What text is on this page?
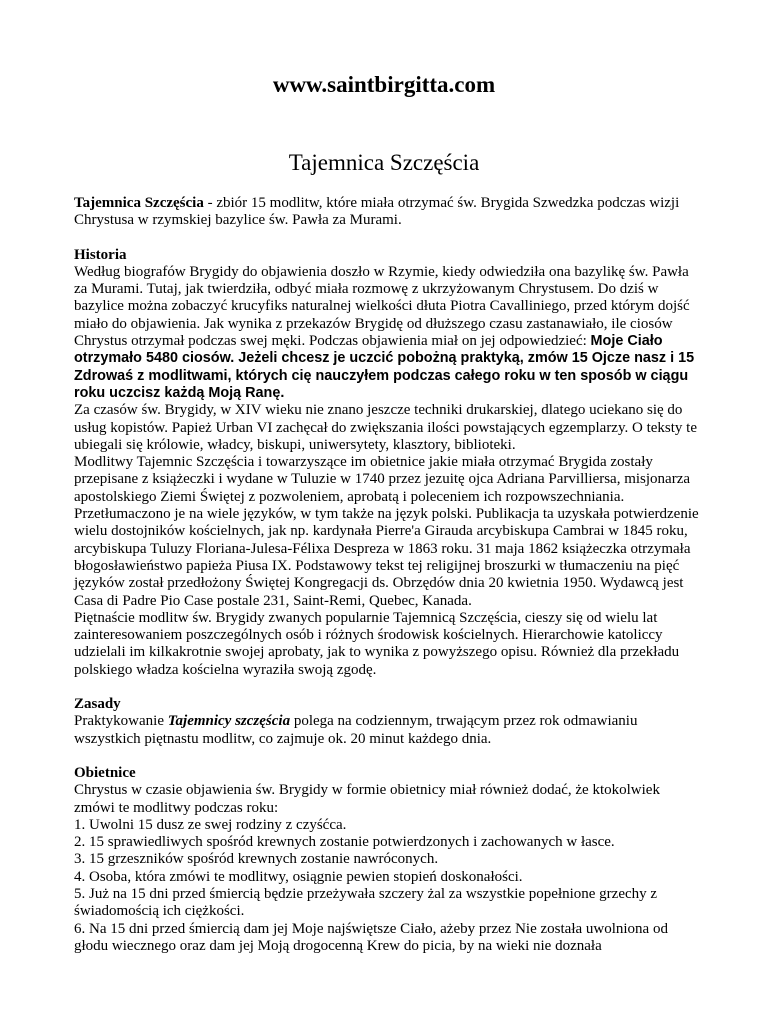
www.saintbirgitta.com
Tajemnica Szczęścia

Tajemnica Szczęścia - zbiór 15 modlitw, które miała otrzymać św. Brygida Szwedzka podczas wizji Chrystusa w rzymskiej bazylice św. Pawła za Murami.

Historia

Według biografów Brygidy do objawienia doszło w Rzymie, kiedy odwiedziła ona bazylikę św. Pawła za Murami. Tutaj, jak twierdziła, odbyć miała rozmowę z ukrzyżowanym Chrystusem. Do dziś w bazylice można zobaczyć krucyfiks naturalnej wielkości dłuta Piotra Cavalliniego, przed którym dojść miało do objawienia. Jak wynika z przekazów Brygidę od dłuższego czasu zastanawiało, ile ciosów Chrystus otrzymał podczas swej męki. Podczas objawienia miał on jej odpowiedzieć: Moje Ciało otrzymało 5480 ciosów. Jeżeli chcesz je uczcić pobożną praktyką, zmów 15 Ojcze nasz i 15 Zdrowaś z modlitwami, których cię nauczyłem podczas całego roku w ten sposób w ciągu roku uczcisz każdą Moją Ranę.

Za czasów św. Brygidy, w XIV wieku nie znano jeszcze techniki drukarskiej, dlatego uciekano się do usług kopistów. Papież Urban VI zachęcał do zwiększania ilości powstających egzemplarzy. O teksty te ubiegali się królowie, władcy, biskupi, uniwersytety, klasztory, biblioteki.

Modlitwy Tajemnic Szczęścia i towarzyszące im obietnice jakie miała otrzymać Brygida zostały przepisane z książeczki i wydane w Tuluzie w 1740 przez jezuitę ojca Adriana Parvilliersa, misjonarza apostolskiego Ziemi Świętej z pozwoleniem, aprobatą i poleceniem ich rozpowszechniania. Przetłumaczono je na wiele języków, w tym także na język polski. Publikacja ta uzyskała potwierdzenie wielu dostojników kościelnych, jak np. kardynała Pierre'a Girauda arcybiskupa Cambrai w 1845 roku, arcybiskupa Tuluzy Floriana-Julesa-Félixa Despreza w 1863 roku. 31 maja 1862 książeczka otrzymała błogosławieństwo papieża Piusa IX. Podstawowy tekst tej religijnej broszurki w tłumaczeniu na pięć języków został przedłożony Świętej Kongregacji ds. Obrzędów dnia 20 kwietnia 1950. Wydawcą jest Casa di Padre Pio Case postale 231, Saint-Remi, Quebec, Kanada.

Piętnaście modlitw św. Brygidy zwanych popularnie Tajemnicą Szczęścia, cieszy się od wielu lat zainteresowaniem poszczególnych osób i różnych środowisk kościelnych. Hierarchowie katoliccy udzielali im kilkakrotnie swojej aprobaty, jak to wynika z powyższego opisu. Również dla przekładu polskiego władza kościelna wyraziła swoją zgodę.

Zasady

Praktykowanie Tajemnicy szczęścia polega na codziennym, trwającym przez rok odmawianiu wszystkich piętnastu modlitw, co zajmuje ok. 20 minut każdego dnia.

Obietnice

Chrystus w czasie objawienia św. Brygidy w formie obietnicy miał również dodać, że ktokolwiek zmówi te modlitwy podczas roku:

1. Uwolni 15 dusz ze swej rodziny z czyśćca.

2. 15 sprawiedliwych spośród krewnych zostanie potwierdzonych i zachowanych w łasce.

3. 15 grzeszników spośród krewnych zostanie nawróconych.

4. Osoba, która zmówi te modlitwy, osiągnie pewien stopień doskonałości.

5. Już na 15 dni przed śmiercią będzie przeżywała szczery żal za wszystkie popełnione grzechy z świadomością ich ciężkości.

6. Na 15 dni przed śmiercią dam jej Moje najświętsze Ciało, ażeby przez Nie została uwolniona od głodu wiecznego oraz dam jej Moją drogocenną Krew do picia, by na wieki nie doznała
